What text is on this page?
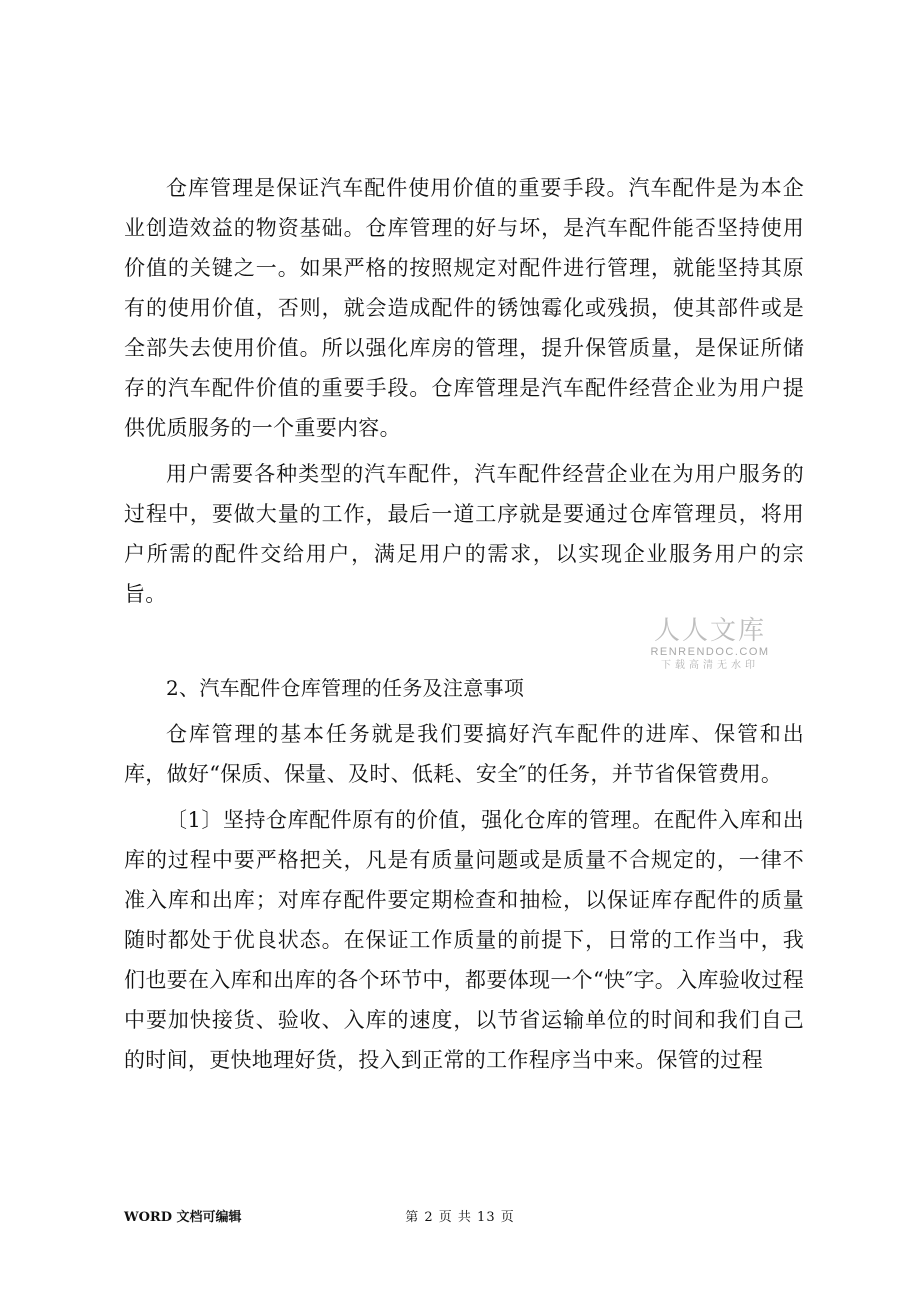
仓库管理是保证汽车配件使用价值的重要手段。汽车配件是为本企业创造效益的物资基础。仓库管理的好与坏，是汽车配件能否坚持使用价值的关键之一。如果严格的按照规定对配件进行管理，就能坚持其原有的使用价值，否则，就会造成配件的锈蚀霉化或残损，使其部件或是全部失去使用价值。所以强化库房的管理，提升保管质量，是保证所储存的汽车配件价值的重要手段。仓库管理是汽车配件经营企业为用户提供优质服务的一个重要内容。

用户需要各种类型的汽车配件，汽车配件经营企业在为用户服务的过程中，要做大量的工作，最后一道工序就是要通过仓库管理员，将用户所需的配件交给用户，满足用户的需求，以实现企业服务用户的宗旨。

2、汽车配件仓库管理的任务及注意事项

仓库管理的基本任务就是我们要搞好汽车配件的进库、保管和出库，做好“保质、保量、及时、低耗、安全″的任务，并节省保管费用。

〔1〕坚持仓库配件原有的价值，强化仓库的管理。在配件入库和出库的过程中要严格把关，凡是有质量问题或是质量不合规定的，一律不准入库和出库；对库存配件要定期检查和抽检，以保证库存配件的质量随时都处于优良状态。在保证工作质量的前提下，日常的工作当中，我们也要在入库和出库的各个环节中，都要体现一个“快″字。入库验收过程中要加快接货、验收、入库的速度，以节省运输单位的时间和我们自己的时间，更快地理好货，投入到正常的工作程序当中来。保管的过程

人人文库
RENRENDOC.COM
下载高清无水印
WORD 文档可编辑	第 2 页 共 13 页
